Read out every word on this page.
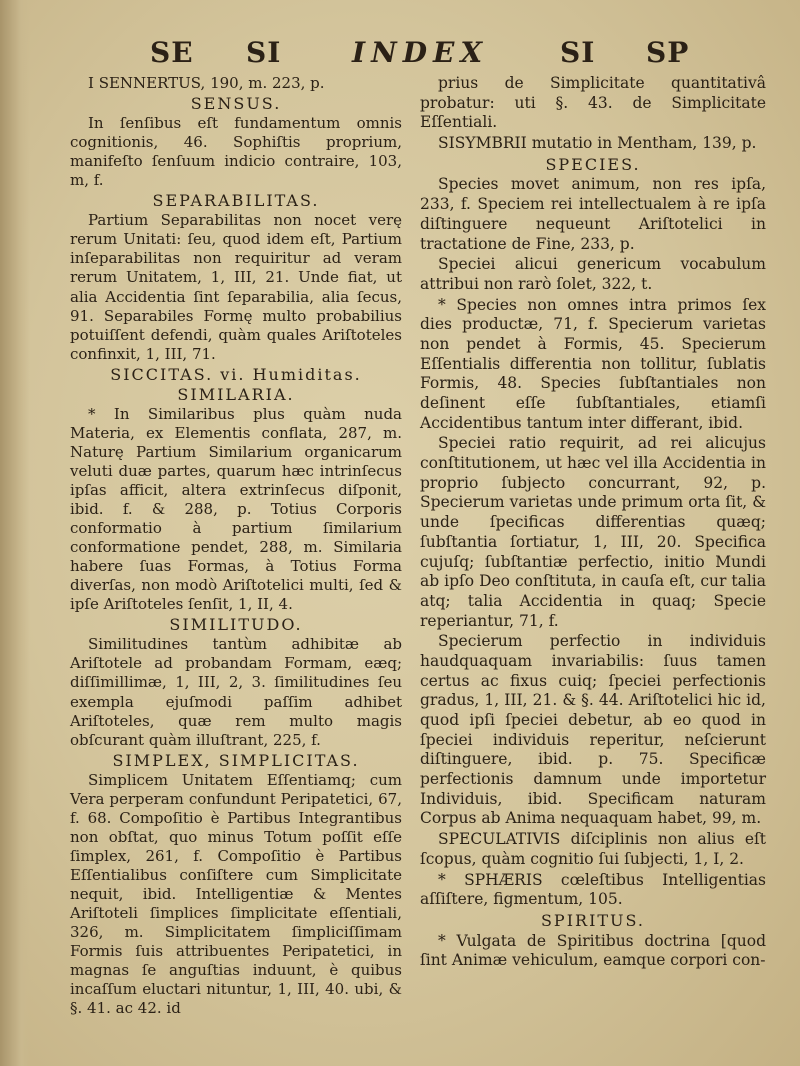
SE SI	INDEX	SI SP
I SENNERTUS, 190, m. 223, p.
SENSUS.
In ſenſibus eſt fundamentum omnis cognitionis, 46. Sophiſtis proprium, manifeſto ſenſuum indicio contraire, 103, m, f.
SEPARABILITAS.
Partium Separabilitas non nocet verę rerum Unitati: ſeu, quod idem eſt, Partium inſeparabilitas non requiritur ad veram rerum Unitatem, 1, III, 21. Unde fiat, ut alia Accidentia ſint ſeparabilia, alia ſecus, 91. Separabiles Formę multo probabilius potuiſſent defendi, quàm quales Ariſtoteles confinxit, 1, III, 71.
SICCITAS. vi. Humiditas.
SIMILARIA.
* In Similaribus plus quàm nuda Materia, ex Elementis conflata, 287, m. Naturę Partium Similarium organicarum veluti duæ partes, quarum hæc intrinſecus ipſas afficit, altera extrinſecus diſponit, ibid. f. & 288, p. Totius Corporis conformatio à partium ſimilarium conformatione pendet, 288, m. Similaria habere ſuas Formas, à Totius Forma diverſas, non modò Ariſtotelici multi, ſed & ipſe Ariſtoteles ſenſit, 1, II, 4.
SIMILITUDO.
Similitudines tantùm adhibitæ ab Ariſtotele ad probandam Formam, eæq; diſſimillimæ, 1, III, 2, 3. ſimilitudines ſeu exempla ejuſmodi paſſim adhibet Ariſtoteles, quæ rem multo magis obſcurant quàm illuſtrant, 225, f.
SIMPLEX, SIMPLICITAS.
Simplicem Unitatem Eſſentiamq; cum Vera perperam confundunt Peripatetici, 67, f. 68. Compoſitio è Partibus Integrantibus non obſtat, quo minus Totum poſſit eſſe ſimplex, 261, f. Compoſitio è Partibus Eſſentialibus conſiſtere cum Simplicitate nequit, ibid. Intelligentiæ & Mentes Ariſtoteli ſimplices ſimplicitate eſſentiali, 326, m. Simplicitatem ſimpliciſſimam Formis ſuis attribuentes Peripatetici, in magnas ſe anguſtias induunt, è quibus incaſſum eluctari nituntur, 1, III, 40. ubi, & §. 41. ac 42. id
prius de Simplicitate quantitativâ probatur: uti §. 43. de Simplicitate Eſſentiali.
SISYMBRII mutatio in Mentham, 139, p.
SPECIES.
Species movet animum, non res ipſa, 233, f. Speciem rei intellectualem à re ipſa diſtinguere nequeunt Ariſtotelici in tractatione de Fine, 233, p.
Speciei alicui genericum vocabulum attribui non rarò ſolet, 322, t.
* Species non omnes intra primos ſex dies productæ, 71, f. Specierum varietas non pendet à Formis, 45. Specierum Eſſentialis differentia non tollitur, ſublatis Formis, 48. Species ſubſtantiales non deſinent eſſe ſubſtantiales, etiamſi Accidentibus tantum inter differant, ibid.
Speciei ratio requirit, ad rei alicujus conſtitutionem, ut hæc vel illa Accidentia in proprio ſubjecto concurrant, 92, p. Specierum varietas unde primum orta ſit, & unde ſpecificas differentias quæq; ſubſtantia ſortiatur, 1, III, 20. Specifica cujuſq; ſubſtantiæ perfectio, initio Mundi ab ipſo Deo conſtituta, in cauſa eſt, cur talia atq; talia Accidentia in quaq; Specie reperiantur, 71, f.
Specierum perfectio in individuis haudquaquam invariabilis: ſuus tamen certus ac fixus cuiq; ſpeciei perfectionis gradus, 1, III, 21. & §. 44. Ariſtotelici hic id, quod ipſi ſpeciei debetur, ab eo quod in ſpeciei individuis reperitur, neſcierunt diſtinguere, ibid. p. 75. Specificæ perfectionis damnum unde importetur Individuis, ibid. Specificam naturam Corpus ab Anima nequaquam habet, 99, m.
SPECULATIVIS diſciplinis non alius eſt ſcopus, quàm cognitio ſui ſubjecti, 1, I, 2.
* SPHÆRIS cœleſtibus Intelligentias aſſiſtere, figmentum, 105.
SPIRITUS.
* Vulgata de Spiritibus doctrina [quod ſint Animæ vehiculum, eamque corpori con-
